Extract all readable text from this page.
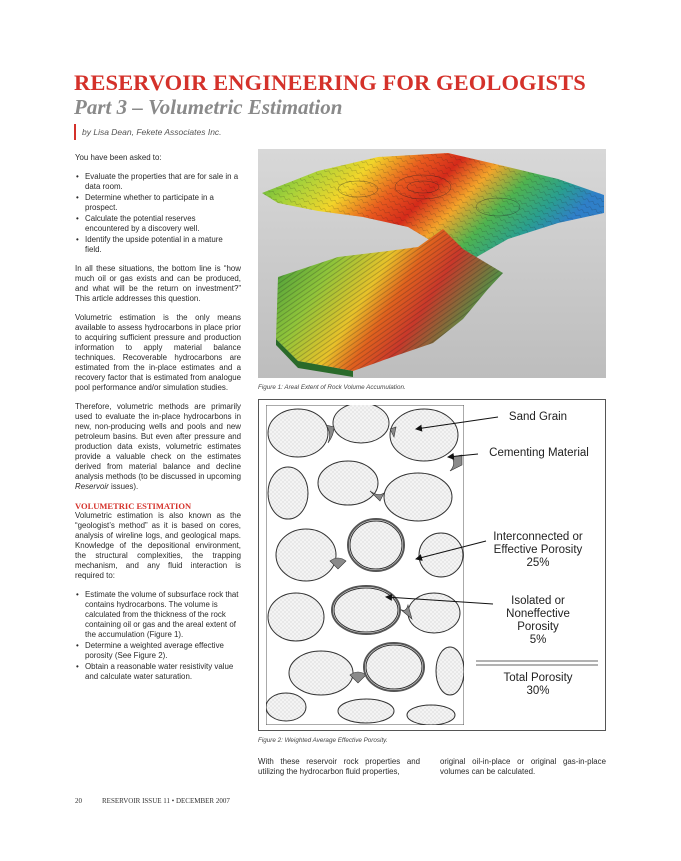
RESERVOIR ENGINEERING FOR GEOLOGISTS
Part 3 – Volumetric Estimation
by Lisa Dean, Fekete Associates Inc.

You have been asked to:

• Evaluate the properties that are for sale in a data room.
• Determine whether to participate in a prospect.
• Calculate the potential reserves encountered by a discovery well.
• Identify the upside potential in a mature field.

In all these situations, the bottom line is “how much oil or gas exists and can be produced, and what will be the return on investment?” This article addresses this question.

Volumetric estimation is the only means available to assess hydrocarbons in place prior to acquiring sufficient pressure and production information to apply material balance techniques. Recoverable hydrocarbons are estimated from the in-place estimates and a recovery factor that is estimated from analogue pool performance and/or simulation studies.

Therefore, volumetric methods are primarily used to evaluate the in-place hydrocarbons in new, non-producing wells and pools and new petroleum basins. But even after pressure and production data exists, volumetric estimates provide a valuable check on the estimates derived from material balance and decline analysis methods (to be discussed in upcoming Reservoir issues).

VOLUMETRIC ESTIMATION

Volumetric estimation is also known as the “geologist’s method” as it is based on cores, analysis of wireline logs, and geological maps. Knowledge of the depositional environment, the structural complexities, the trapping mechanism, and any fluid interaction is required to:

• Estimate the volume of subsurface rock that contains hydrocarbons. The volume is calculated from the thickness of the rock containing oil or gas and the areal extent of the accumulation (Figure 1).
• Determine a weighted average effective porosity (See Figure 2).
• Obtain a reasonable water resistivity value and calculate water saturation.
Figure 1: Areal Extent of Rock Volume Accumulation.
Sand Grain
Cementing Material
Interconnected or
Effective Porosity
25%
Isolated or
Noneffective
Porosity
5%
Total Porosity
30%
Figure 2: Weighted Average Effective Porosity.
With these reservoir rock properties and utilizing the hydrocarbon fluid properties,
original oil-in-place or original gas-in-place volumes can be calculated.
20	RESERVOIR ISSUE 11 • DECEMBER 2007
